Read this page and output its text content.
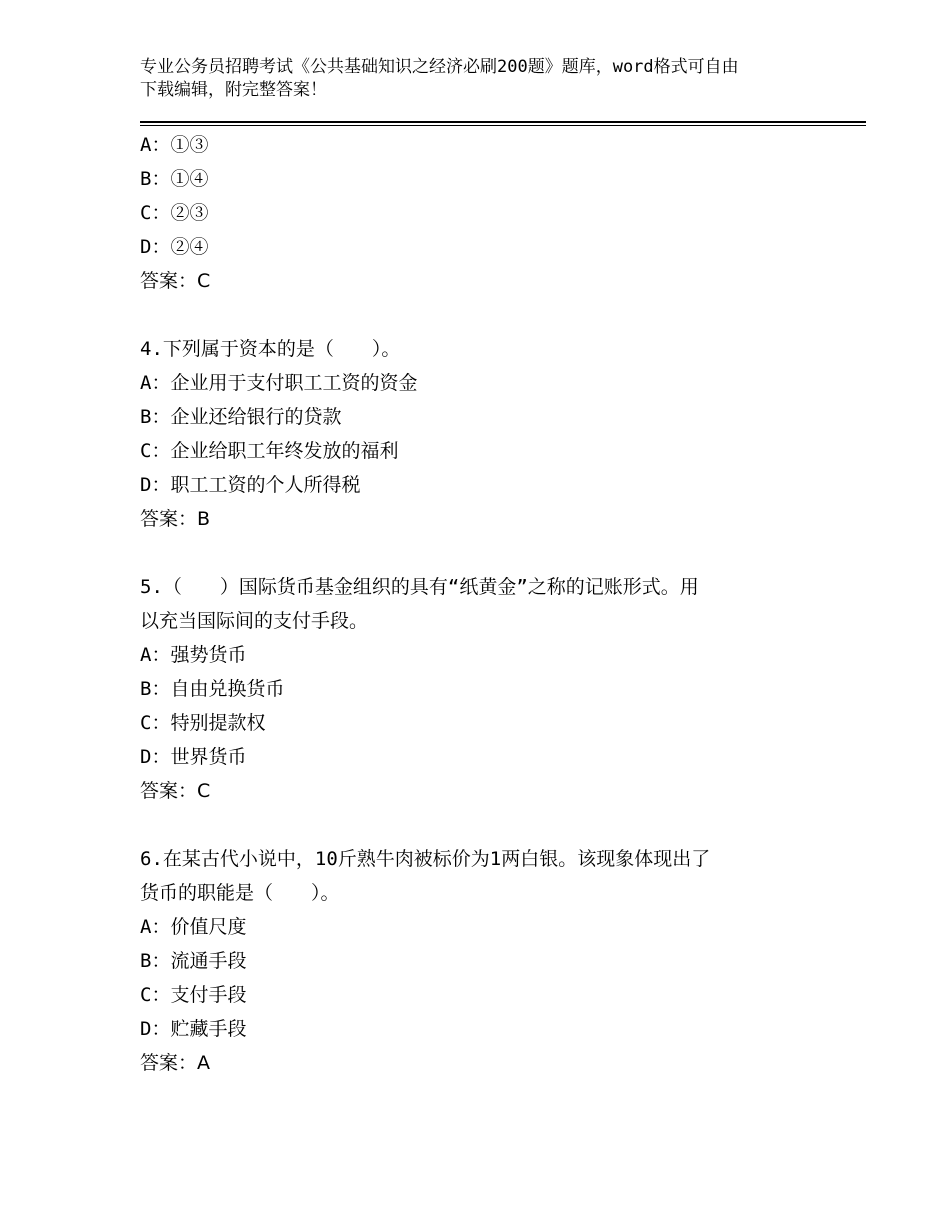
专业公务员招聘考试《公共基础知识之经济必刷200题》题库，word格式可自由
下载编辑，附完整答案！
A：①③
B：①④
C：②③
D：②④
答案：C
4.下列属于资本的是（　　）。
A：企业用于支付职工工资的资金
B：企业还给银行的贷款
C：企业给职工年终发放的福利
D：职工工资的个人所得税
答案：B
5.（　　）国际货币基金组织的具有“纸黄金”之称的记账形式。用
以充当国际间的支付手段。
A：强势货币
B：自由兑换货币
C：特别提款权
D：世界货币
答案：C
6.在某古代小说中，10斤熟牛肉被标价为1两白银。该现象体现出了
货币的职能是（　　）。
A：价值尺度
B：流通手段
C：支付手段
D：贮藏手段
答案：A
